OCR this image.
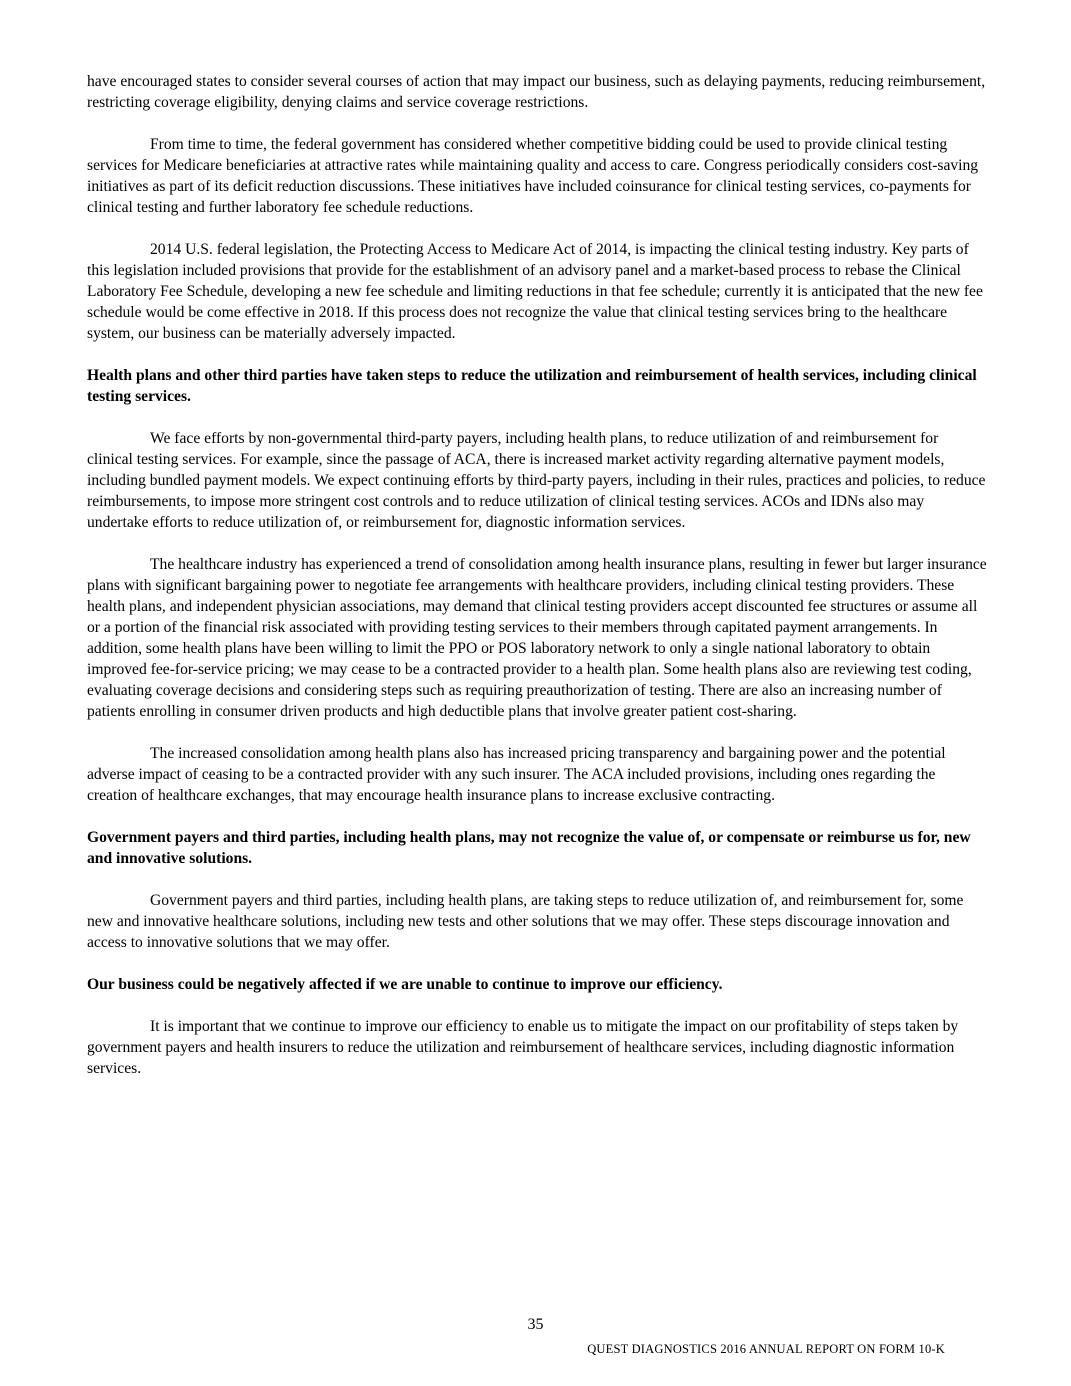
have encouraged states to consider several courses of action that may impact our business, such as delaying payments, reducing reimbursement, restricting coverage eligibility, denying claims and service coverage restrictions.

From time to time, the federal government has considered whether competitive bidding could be used to provide clinical testing services for Medicare beneficiaries at attractive rates while maintaining quality and access to care. Congress periodically considers cost-saving initiatives as part of its deficit reduction discussions. These initiatives have included coinsurance for clinical testing services, co-payments for clinical testing and further laboratory fee schedule reductions.

2014 U.S. federal legislation, the Protecting Access to Medicare Act of 2014, is impacting the clinical testing industry. Key parts of this legislation included provisions that provide for the establishment of an advisory panel and a market-based process to rebase the Clinical Laboratory Fee Schedule, developing a new fee schedule and limiting reductions in that fee schedule; currently it is anticipated that the new fee schedule would be come effective in 2018. If this process does not recognize the value that clinical testing services bring to the healthcare system, our business can be materially adversely impacted.

Health plans and other third parties have taken steps to reduce the utilization and reimbursement of health services, including clinical testing services.

We face efforts by non-governmental third-party payers, including health plans, to reduce utilization of and reimbursement for clinical testing services. For example, since the passage of ACA, there is increased market activity regarding alternative payment models, including bundled payment models. We expect continuing efforts by third-party payers, including in their rules, practices and policies, to reduce reimbursements, to impose more stringent cost controls and to reduce utilization of clinical testing services. ACOs and IDNs also may undertake efforts to reduce utilization of, or reimbursement for, diagnostic information services.

The healthcare industry has experienced a trend of consolidation among health insurance plans, resulting in fewer but larger insurance plans with significant bargaining power to negotiate fee arrangements with healthcare providers, including clinical testing providers. These health plans, and independent physician associations, may demand that clinical testing providers accept discounted fee structures or assume all or a portion of the financial risk associated with providing testing services to their members through capitated payment arrangements. In addition, some health plans have been willing to limit the PPO or POS laboratory network to only a single national laboratory to obtain improved fee-for-service pricing; we may cease to be a contracted provider to a health plan. Some health plans also are reviewing test coding, evaluating coverage decisions and considering steps such as requiring preauthorization of testing. There are also an increasing number of patients enrolling in consumer driven products and high deductible plans that involve greater patient cost-sharing.

The increased consolidation among health plans also has increased pricing transparency and bargaining power and the potential adverse impact of ceasing to be a contracted provider with any such insurer. The ACA included provisions, including ones regarding the creation of healthcare exchanges, that may encourage health insurance plans to increase exclusive contracting.

Government payers and third parties, including health plans, may not recognize the value of, or compensate or reimburse us for, new and innovative solutions.

Government payers and third parties, including health plans, are taking steps to reduce utilization of, and reimbursement for, some new and innovative healthcare solutions, including new tests and other solutions that we may offer. These steps discourage innovation and access to innovative solutions that we may offer.

Our business could be negatively affected if we are unable to continue to improve our efficiency.

It is important that we continue to improve our efficiency to enable us to mitigate the impact on our profitability of steps taken by government payers and health insurers to reduce the utilization and reimbursement of healthcare services, including diagnostic information services.

35
QUEST DIAGNOSTICS 2016 ANNUAL REPORT ON FORM 10-K
